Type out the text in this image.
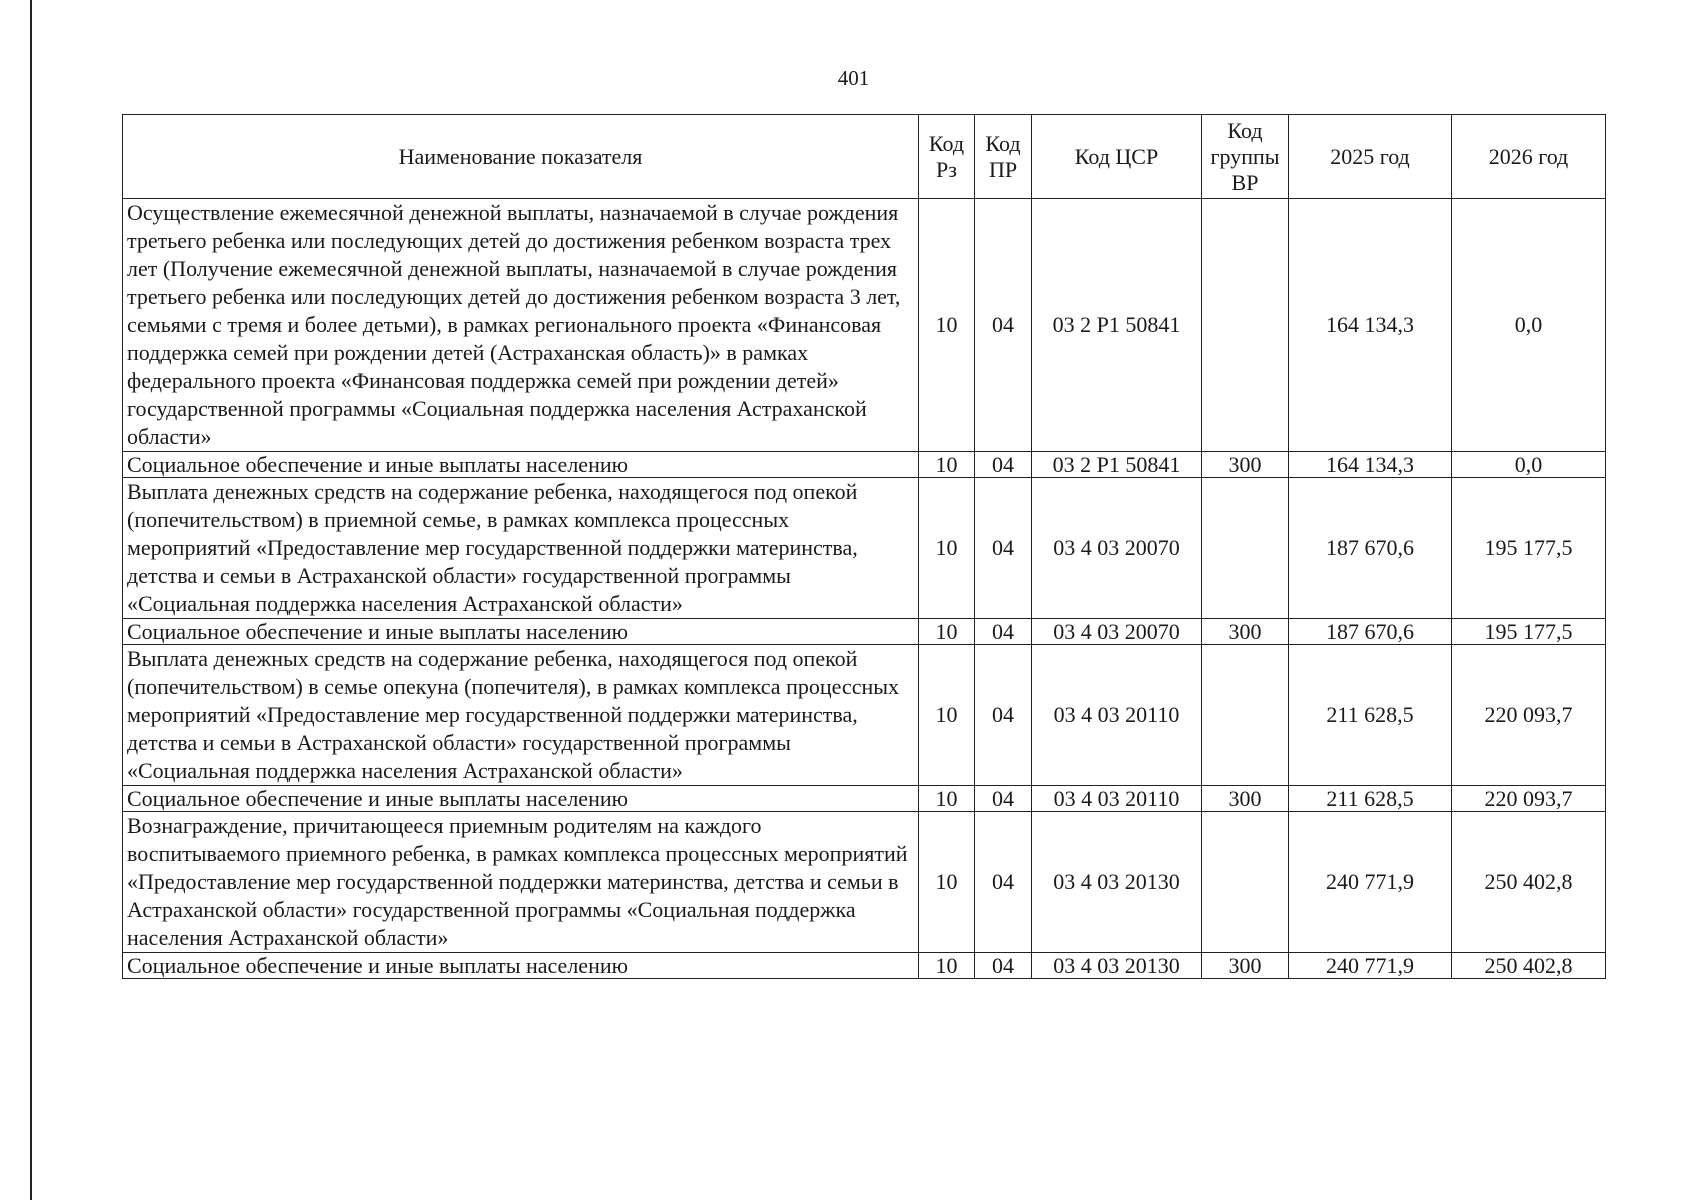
401
Наименование показателя	Код Рз	Код ПР	Код ЦСР	Код группы ВР	2025 год	2026 год
Осуществление ежемесячной денежной выплаты, назначаемой в случае рождения третьего ребенка или последующих детей до достижения ребенком возраста трех лет (Получение ежемесячной денежной выплаты, назначаемой в случае рождения третьего ребенка или последующих детей до достижения ребенком возраста 3 лет, семьями с тремя и более детьми), в рамках регионального проекта «Финансовая поддержка семей при рождении детей (Астраханская область)» в рамках федерального проекта «Финансовая поддержка семей при рождении детей» государственной программы «Социальная поддержка населения Астраханской области»	10	04	03 2 Р1 50841		164 134,3	0,0
Социальное обеспечение и иные выплаты населению	10	04	03 2 Р1 50841	300	164 134,3	0,0
Выплата денежных средств на содержание ребенка, находящегося под опекой (попечительством) в приемной семье, в рамках комплекса процессных мероприятий «Предоставление мер государственной поддержки материнства, детства и семьи в Астраханской области» государственной программы «Социальная поддержка населения Астраханской области»	10	04	03 4 03 20070		187 670,6	195 177,5
Социальное обеспечение и иные выплаты населению	10	04	03 4 03 20070	300	187 670,6	195 177,5
Выплата денежных средств на содержание ребенка, находящегося под опекой (попечительством) в семье опекуна (попечителя), в рамках комплекса процессных мероприятий «Предоставление мер государственной поддержки материнства, детства и семьи в Астраханской области» государственной программы «Социальная поддержка населения Астраханской области»	10	04	03 4 03 20110		211 628,5	220 093,7
Социальное обеспечение и иные выплаты населению	10	04	03 4 03 20110	300	211 628,5	220 093,7
Вознаграждение, причитающееся приемным родителям на каждого воспитываемого приемного ребенка, в рамках комплекса процессных мероприятий «Предоставление мер государственной поддержки материнства, детства и семьи в Астраханской области» государственной программы «Социальная поддержка населения Астраханской области»	10	04	03 4 03 20130		240 771,9	250 402,8
Социальное обеспечение и иные выплаты населению	10	04	03 4 03 20130	300	240 771,9	250 402,8
